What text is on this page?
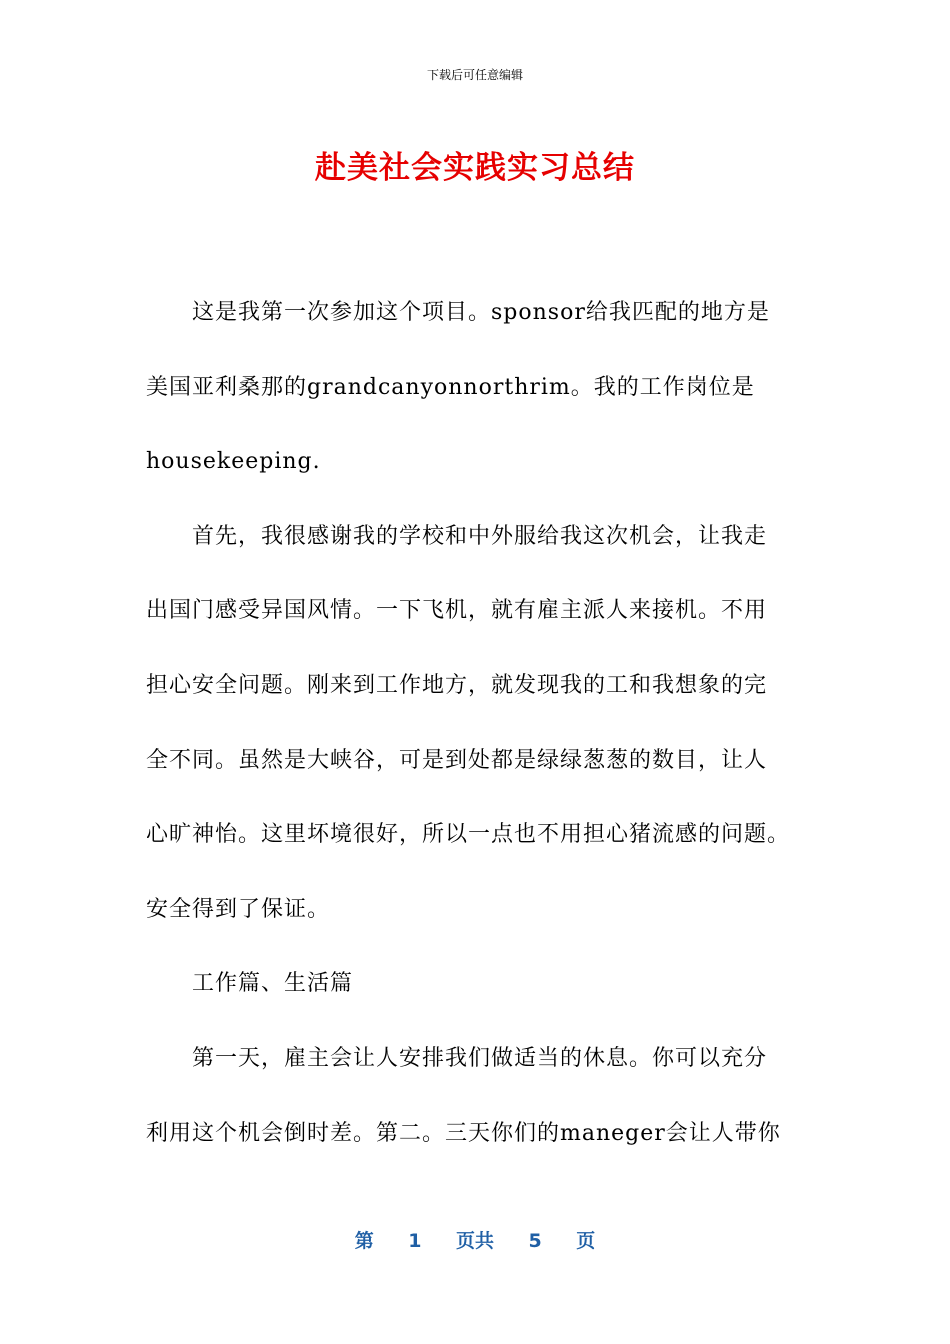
下载后可任意编辑
赴美社会实践实习总结
这是我第一次参加这个项目。sponsor给我匹配的地方是
美国亚利桑那的grandcanyonnorthrim。我的工作岗位是
housekeeping.
首先，我很感谢我的学校和中外服给我这次机会，让我走
出国门感受异国风情。一下飞机，就有雇主派人来接机。不用
担心安全问题。刚来到工作地方，就发现我的工和我想象的完
全不同。虽然是大峡谷，可是到处都是绿绿葱葱的数目，让人
心旷神怡。这里坏境很好，所以一点也不用担心猪流感的问题。
安全得到了保证。
工作篇、生活篇
第一天，雇主会让人安排我们做适当的休息。你可以充分
利用这个机会倒时差。第二。三天你们的maneger会让人带你
第 1 页共 5 页
